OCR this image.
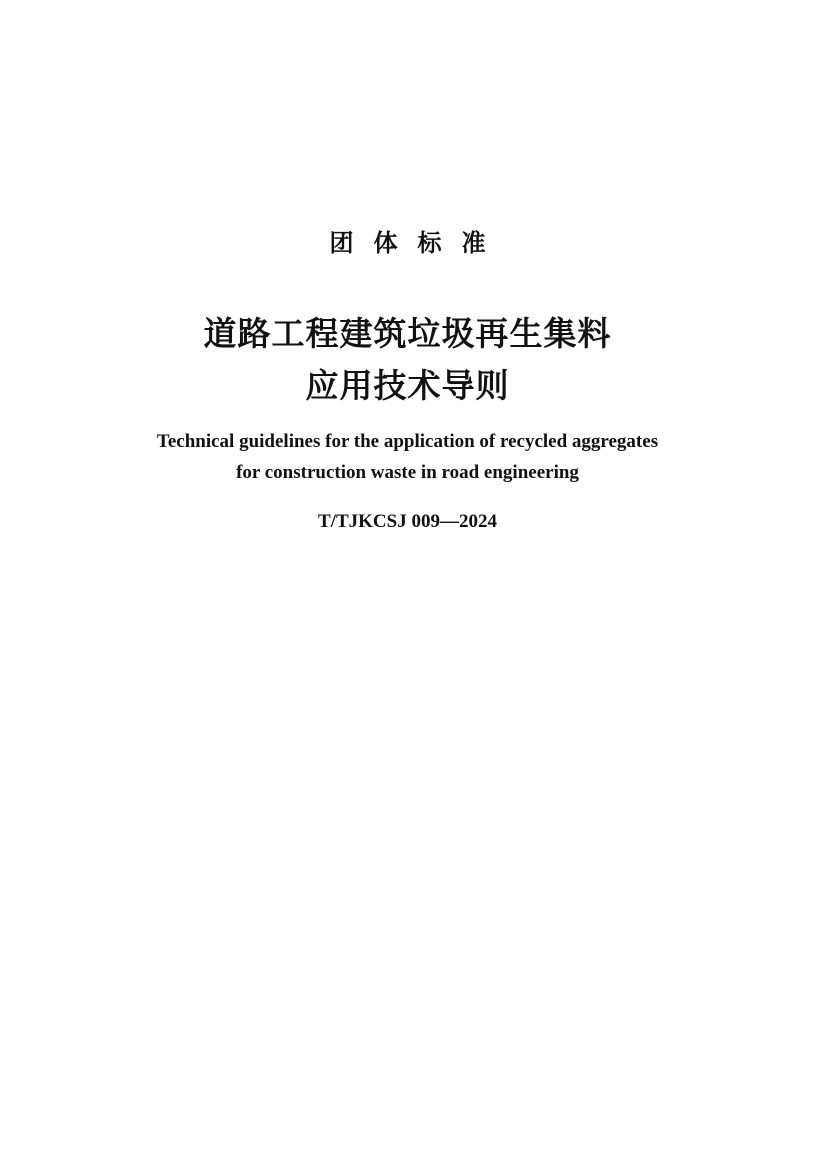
团体标准
道路工程建筑垃圾再生集料
应用技术导则
Technical guidelines for the application of recycled aggregates
for construction waste in road engineering
T/TJKCSJ 009—2024
